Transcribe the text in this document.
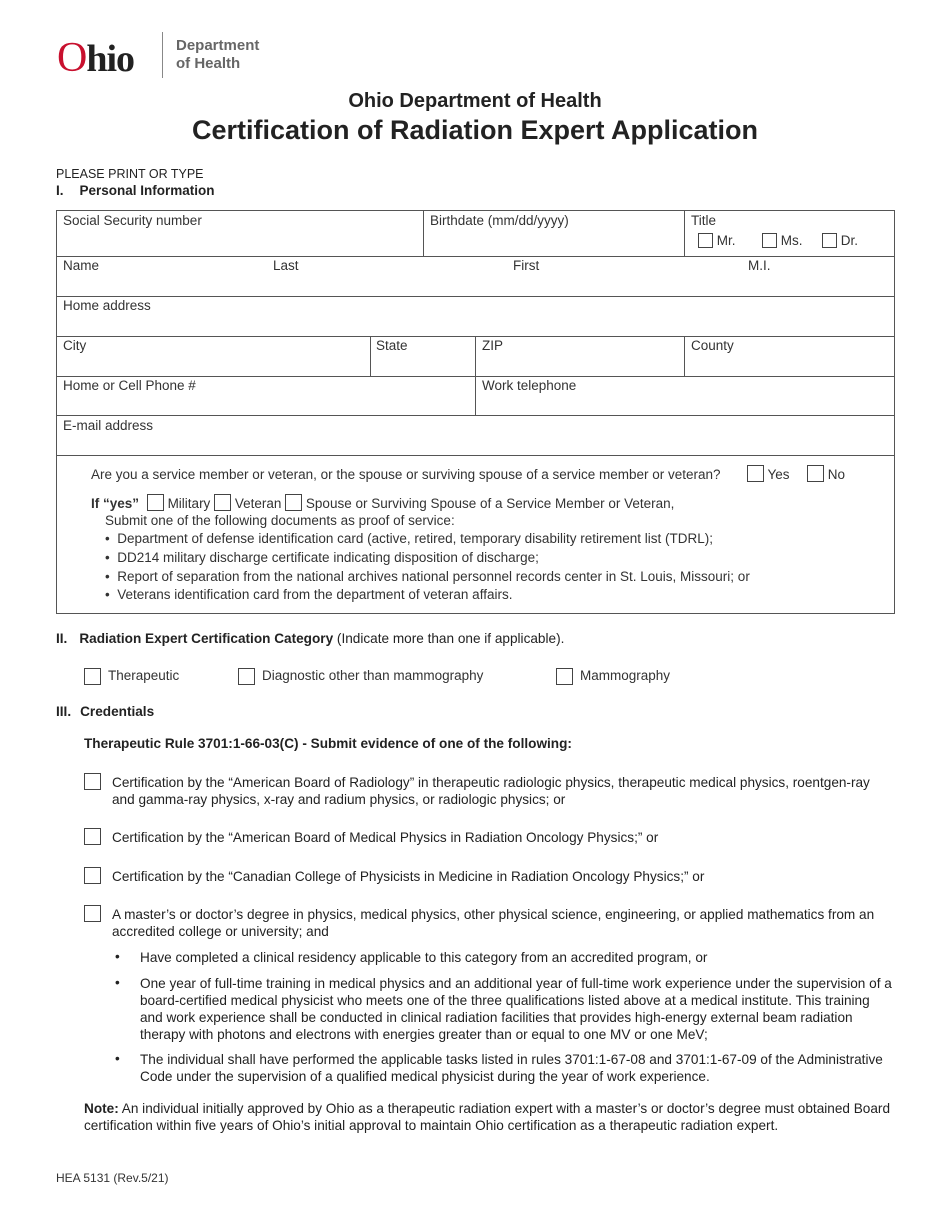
Ohio	Department
of Health
Ohio Department of Health
Certification of Radiation Expert Application
PLEASE PRINT OR TYPE
I. Personal Information
Social Security number	Birthdate (mm/dd/yyyy)	Title
Mr.	Ms.	Dr.
Name	Last	First	M.I.
Home address
City	State	ZIP	County
Home or Cell Phone #	Work telephone
E-mail address
Are you a service member or veteran, or the spouse or surviving spouse of a service member or veteran?	Yes	No
If “yes” Military Veteran Spouse or Surviving Spouse of a Service Member or Veteran,
Submit one of the following documents as proof of service:
•  Department of defense identification card (active, retired, temporary disability retirement list (TDRL);
•  DD214 military discharge certificate indicating disposition of discharge;
•  Report of separation from the national archives national personnel records center in St. Louis, Missouri; or
•  Veterans identification card from the department of veteran affairs.
II. Radiation Expert Certification Category (Indicate more than one if applicable).
Therapeutic	Diagnostic other than mammography	Mammography
III. Credentials
Therapeutic Rule 3701:1-66-03(C) - Submit evidence of one of the following:
Certification by the “American Board of Radiology” in therapeutic radiologic physics, therapeutic medical physics, roentgen-ray and gamma-ray physics, x-ray and radium physics, or radiologic physics; or
Certification by the “American Board of Medical Physics in Radiation Oncology Physics;” or
Certification by the “Canadian College of Physicists in Medicine in Radiation Oncology Physics;” or
A master’s or doctor’s degree in physics, medical physics, other physical science, engineering, or applied mathematics from an accredited college or university; and
• Have completed a clinical residency applicable to this category from an accredited program, or
• One year of full-time training in medical physics and an additional year of full-time work experience under the supervision of a board-certified medical physicist who meets one of the three qualifications listed above at a medical institute. This training and work experience shall be conducted in clinical radiation facilities that provides high-energy external beam radiation therapy with photons and electrons with energies greater than or equal to one MV or one MeV;
• The individual shall have performed the applicable tasks listed in rules 3701:1-67-08 and 3701:1-67-09 of the Administrative Code under the supervision of a qualified medical physicist during the year of work experience.
Note: An individual initially approved by Ohio as a therapeutic radiation expert with a master’s or doctor’s degree must obtained Board certification within five years of Ohio’s initial approval to maintain Ohio certification as a therapeutic radiation expert.
HEA 5131 (Rev.5/21)
